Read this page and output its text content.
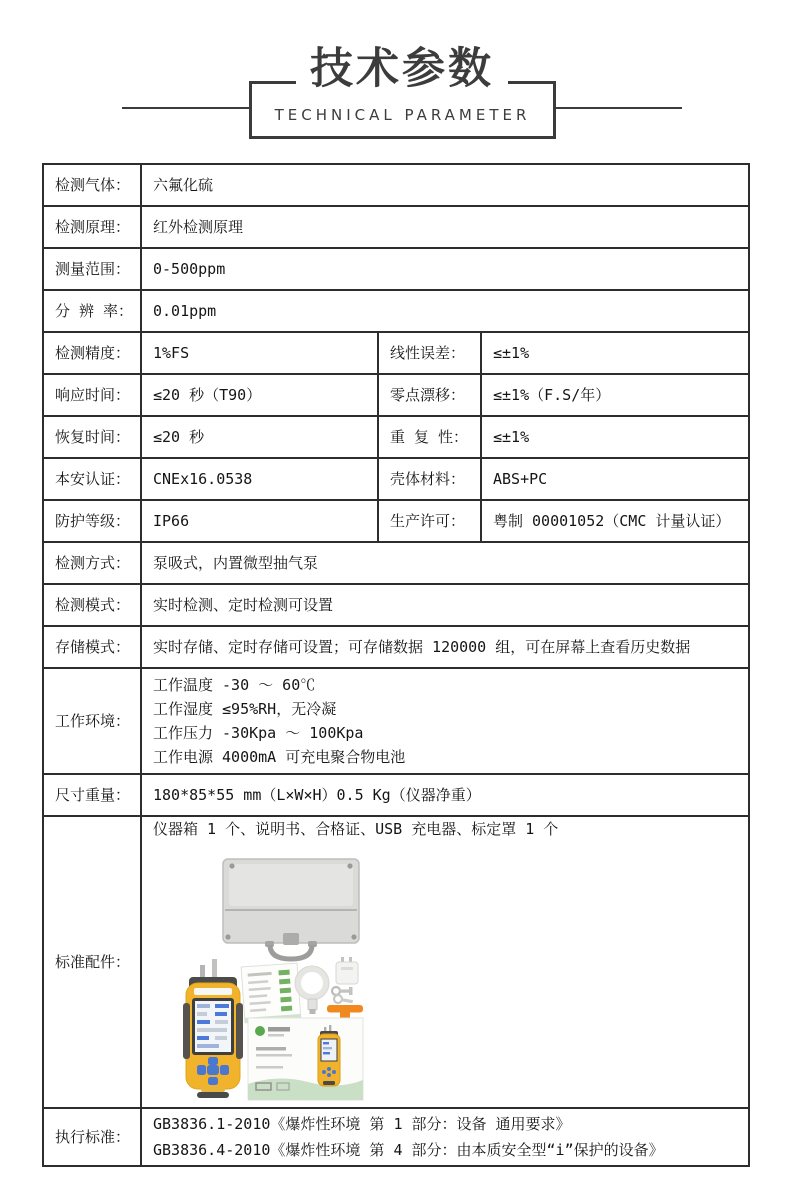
技术参数
TECHNICAL PARAMETER
检测气体：	六氟化硫		
检测原理：	红外检测原理		
测量范围：	0-500ppm		
分 辨 率：	0.01ppm		
检测精度：	1%FS	线性误差：	≤±1%
响应时间：	≤20 秒（T90）	零点漂移：	≤±1%（F.S/年）
恢复时间：	≤20 秒	重 复 性：	≤±1%
本安认证：	CNEx16.0538	壳体材料：	ABS+PC
防护等级：	IP66	生产许可：	粤制 00001052（CMC 计量认证）
检测方式：	泵吸式，内置微型抽气泵		
检测模式：	实时检测、定时检测可设置		
存储模式：	实时存储、定时存储可设置；可存储数据 120000 组，可在屏幕上查看历史数据		
工作环境：	工作温度 -30 ～ 60℃
工作湿度 ≤95%RH，无冷凝
工作压力 -30Kpa ～ 100Kpa
工作电源 4000mA 可充电聚合物电池		

尺寸重量：	180*85*55 mm（L×W×H）0.5 Kg（仪器净重）		
标准配件：	仪器箱 1 个、说明书、合格证、USB 充电器、标定罩 1 个		

执行标准：	GB3836.1-2010《爆炸性环境 第 1 部分：设备 通用要求》
GB3836.4-2010《爆炸性环境 第 4 部分：由本质安全型“i”保护的设备》		
